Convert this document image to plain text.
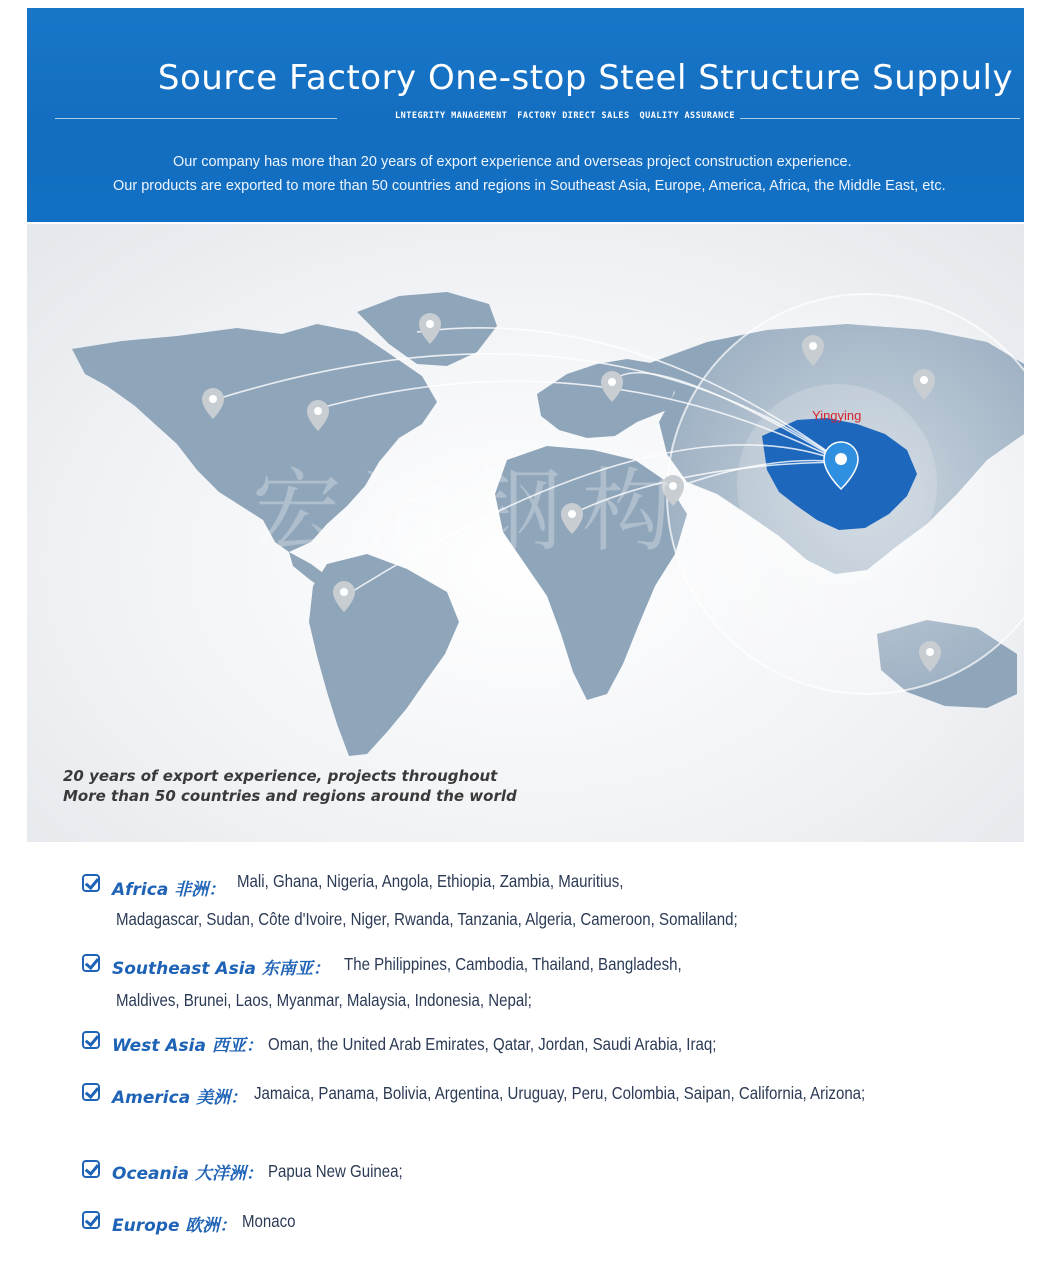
Source Factory One-stop Steel Structure Suppuly
LNTEGRITY MANAGEMENT FACTORY DIRECT SALES QUALITY ASSURANCE
Our company has more than 20 years of export experience and overseas project construction experience.
Our products are exported to more than 50 countries and regions in Southeast Asia, Europe, America, Africa, the Middle East, etc.
宏冶钢构
Yingying
20 years of export experience, projects throughout
More than 50 countries and regions around the world
Africa 非洲： Mali, Ghana, Nigeria, Angola, Ethiopia, Zambia, Mauritius,
Madagascar, Sudan, Côte d'Ivoire, Niger, Rwanda, Tanzania, Algeria, Cameroon, Somaliland;
Southeast Asia 东南亚： The Philippines, Cambodia, Thailand, Bangladesh,
Maldives, Brunei, Laos, Myanmar, Malaysia, Indonesia, Nepal;
West Asia 西亚： Oman, the United Arab Emirates, Qatar, Jordan, Saudi Arabia, Iraq;
America 美洲： Jamaica, Panama, Bolivia, Argentina, Uruguay, Peru, Colombia, Saipan, California, Arizona;
Oceania 大洋洲： Papua New Guinea;
Europe 欧洲： Monaco
